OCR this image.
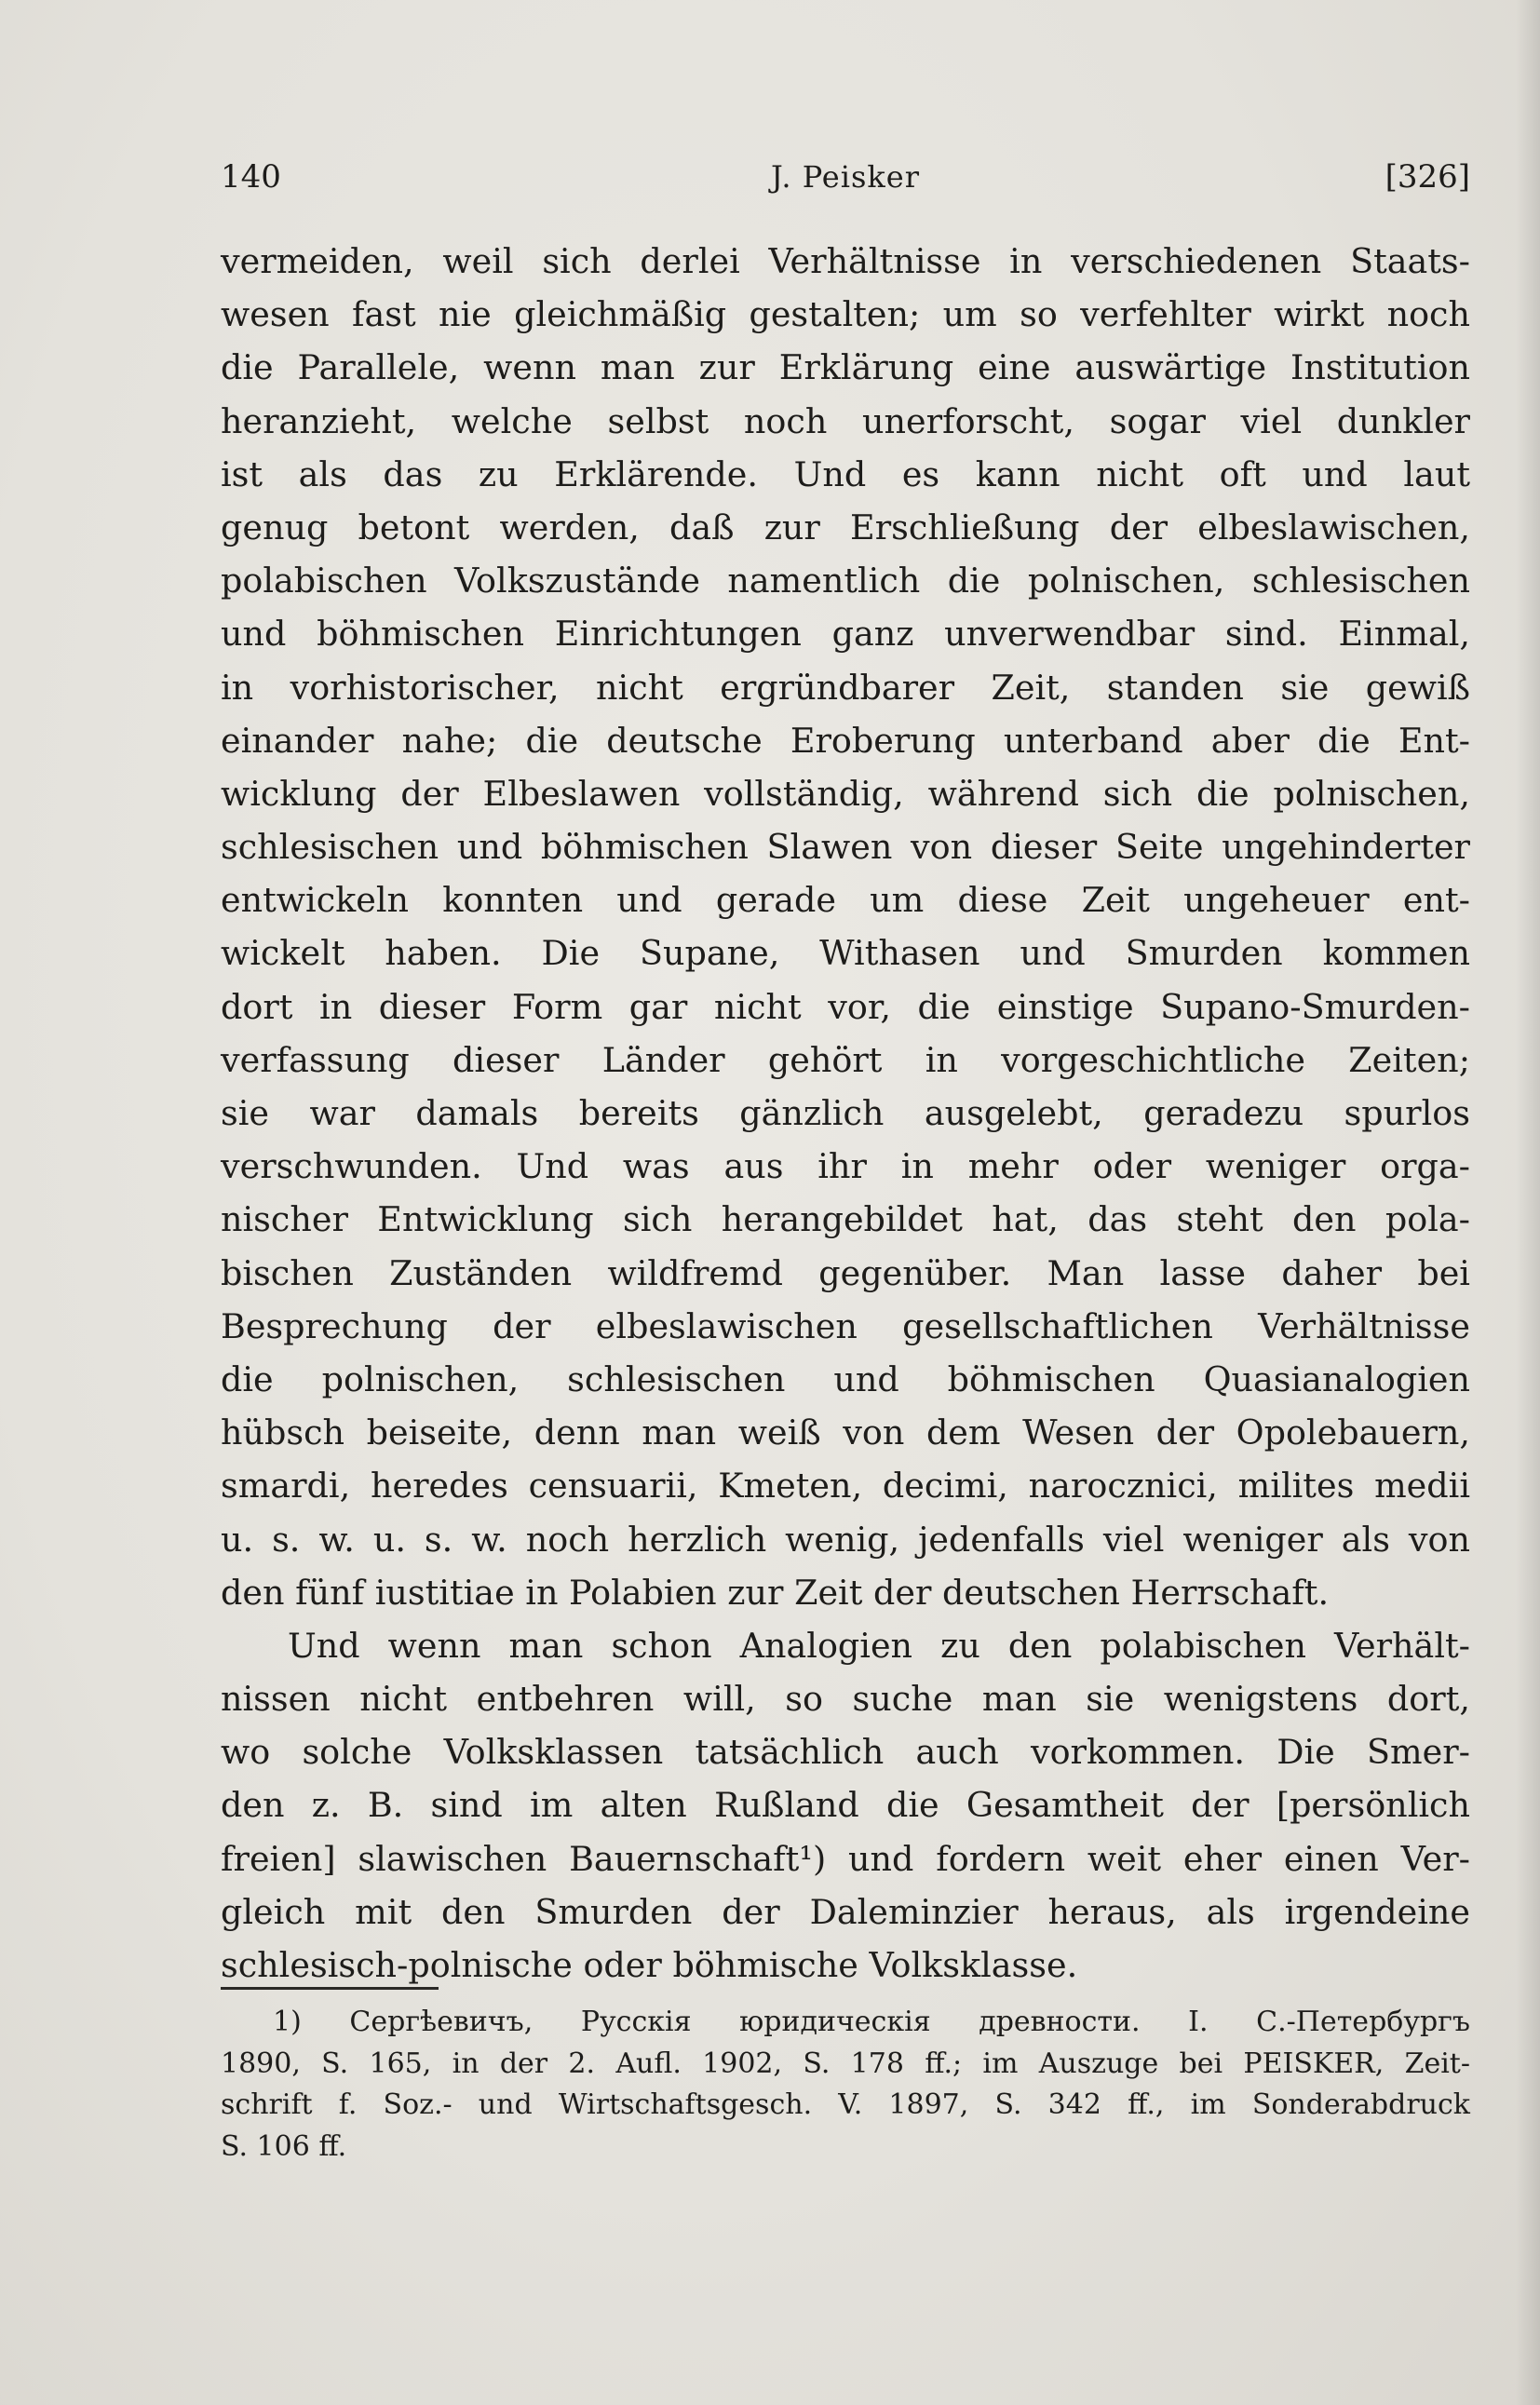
140	J. Peisker	[326]
vermeiden, weil sich derlei Verhältnisse in verschiedenen Staats-
wesen fast nie gleichmäßig gestalten; um so verfehlter wirkt noch
die Parallele, wenn man zur Erklärung eine auswärtige Institution
heranzieht, welche selbst noch unerforscht, sogar viel dunkler
ist als das zu Erklärende. Und es kann nicht oft und laut
genug betont werden, daß zur Erschließung der elbeslawischen,
polabischen Volkszustände namentlich die polnischen, schlesischen
und böhmischen Einrichtungen ganz unverwendbar sind. Einmal,
in vorhistorischer, nicht ergründbarer Zeit, standen sie gewiß
einander nahe; die deutsche Eroberung unterband aber die Ent-
wicklung der Elbeslawen vollständig, während sich die polnischen,
schlesischen und böhmischen Slawen von dieser Seite ungehinderter
entwickeln konnten und gerade um diese Zeit ungeheuer ent-
wickelt haben. Die Supane, Withasen und Smurden kommen
dort in dieser Form gar nicht vor, die einstige Supano-Smurden-
verfassung dieser Länder gehört in vorgeschichtliche Zeiten;
sie war damals bereits gänzlich ausgelebt, geradezu spurlos
verschwunden. Und was aus ihr in mehr oder weniger orga-
nischer Entwicklung sich herangebildet hat, das steht den pola-
bischen Zuständen wildfremd gegenüber. Man lasse daher bei
Besprechung der elbeslawischen gesellschaftlichen Verhältnisse
die polnischen, schlesischen und böhmischen Quasianalogien
hübsch beiseite, denn man weiß von dem Wesen der Opolebauern,
smardi, heredes censuarii, Kmeten, decimi, narocznici, milites medii
u. s. w. u. s. w. noch herzlich wenig, jedenfalls viel weniger als von
den fünf iustitiae in Polabien zur Zeit der deutschen Herrschaft.
Und wenn man schon Analogien zu den polabischen Verhält-
nissen nicht entbehren will, so suche man sie wenigstens dort,
wo solche Volksklassen tatsächlich auch vorkommen. Die Smer-
den z. B. sind im alten Rußland die Gesamtheit der [persönlich
freien] slawischen Bauernschaft¹) und fordern weit eher einen Ver-
gleich mit den Smurden der Daleminzier heraus, als irgendeine
schlesisch-polnische oder böhmische Volksklasse.
1) Сергѣевичъ, Русскія юридическія древности. I. С.-Петербургъ
1890, S. 165, in der 2. Aufl. 1902, S. 178 ff.; im Auszuge bei PEISKER, Zeit-
schrift f. Soz.- und Wirtschaftsgesch. V. 1897, S. 342 ff., im Sonderabdruck
S. 106 ff.
